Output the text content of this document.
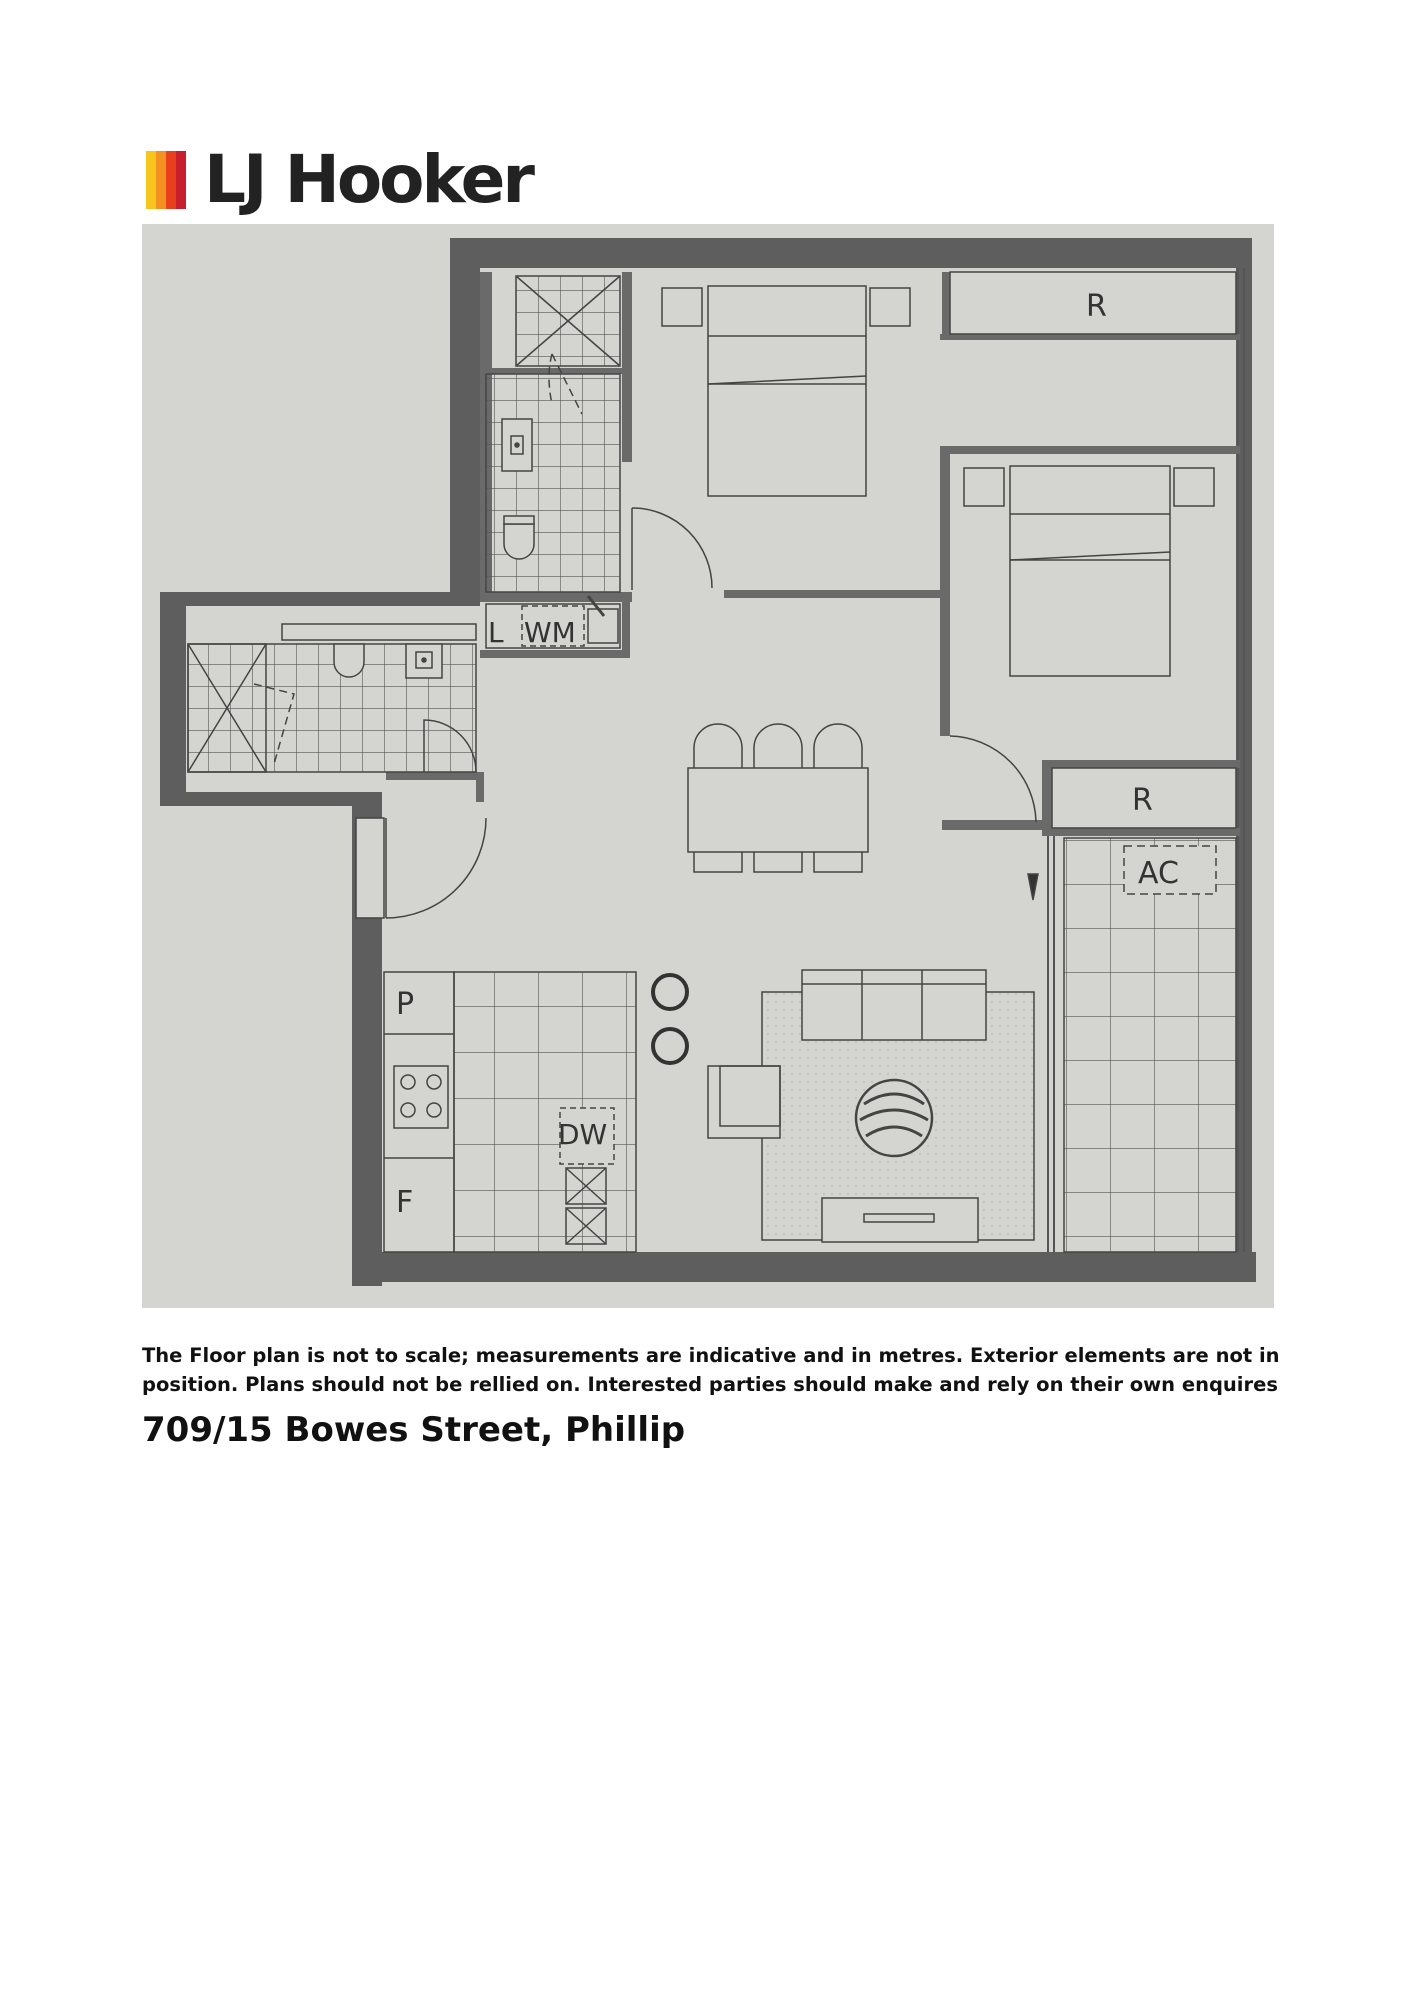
LJ Hooker
L WM
R
R
AC
P
DW
F
The Floor plan is not to scale; measurements are indicative and in metres. Exterior elements are not in position. Plans should not be rellied on. Interested parties should make and rely on their own enquires
709/15 Bowes Street, Phillip
